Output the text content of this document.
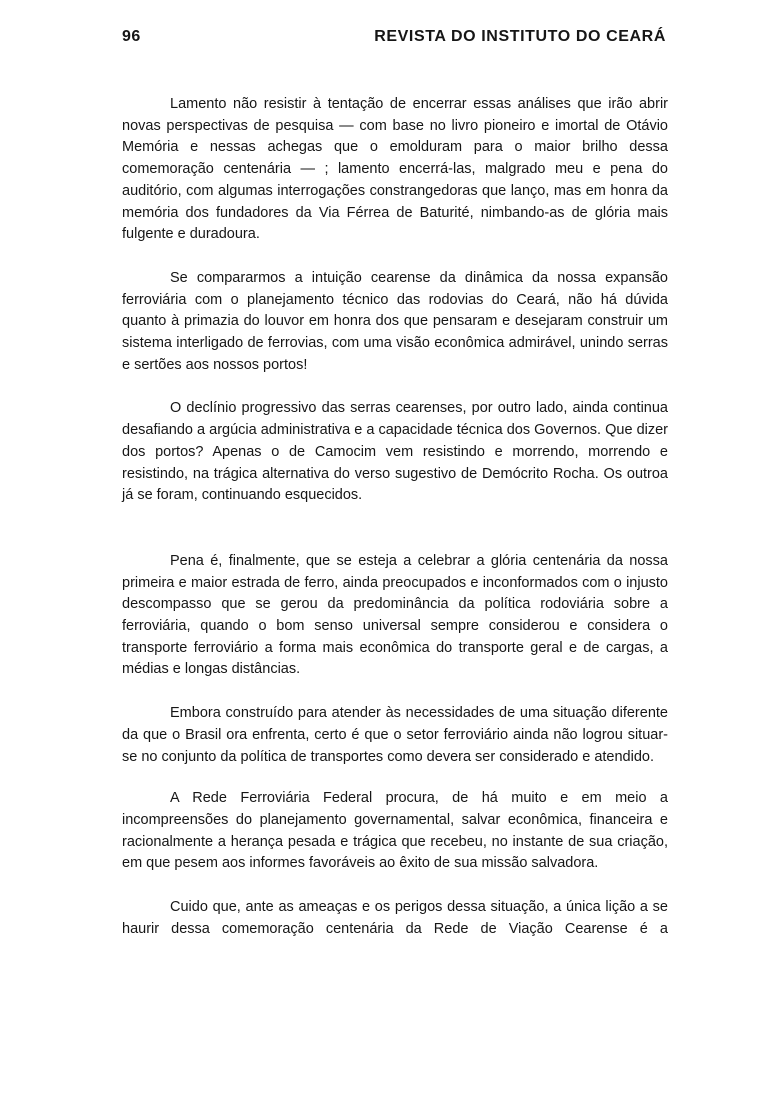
96	REVISTA DO INSTITUTO DO CEARÁ

Lamento não resistir à tentação de encerrar essas análises que irão abrir novas perspectivas de pesquisa — com base no livro pioneiro e imortal de Otávio Memória e nessas achegas que o emolduram para o maior brilho dessa comemoração centenária — ; lamento encerrá-las, malgrado meu e pena do auditório, com algumas interrogações constrangedoras que lanço, mas em honra da memória dos fundadores da Via Férrea de Baturité, nimbando-as de glória mais fulgente e duradoura.

Se compararmos a intuição cearense da dinâmica da nossa expansão ferroviária com o planejamento técnico das rodovias do Ceará, não há dúvida quanto à primazia do louvor em honra dos que pensaram e desejaram construir um sistema interligado de ferrovias, com uma visão econômica admirável, unindo serras e sertões aos nossos portos!

O declínio progressivo das serras cearenses, por outro lado, ainda continua desafiando a argúcia administrativa e a capacidade técnica dos Governos. Que dizer dos portos? Apenas o de Camocim vem resistindo e morrendo, morrendo e resistindo, na trágica alternativa do verso sugestivo de Demócrito Rocha. Os outroa já se foram, continuando esquecidos.

Pena é, finalmente, que se esteja a celebrar a glória centenária da nossa primeira e maior estrada de ferro, ainda preocupados e inconformados com o injusto descompasso que se gerou da predominância da política rodoviária sobre a ferroviária, quando o bom senso universal sempre considerou e considera o transporte ferroviário a forma mais econômica do transporte geral e de cargas, a médias e longas distâncias.

Embora construído para atender às necessidades de uma situação diferente da que o Brasil ora enfrenta, certo é que o setor ferroviário ainda não logrou situar-se no conjunto da política de transportes como devera ser considerado e atendido.

A Rede Ferroviária Federal procura, de há muito e em meio a incompreensões do planejamento governamental, salvar econômica, financeira e racionalmente a herança pesada e trágica que recebeu, no instante de sua criação, em que pesem aos informes favoráveis ao êxito de sua missão salvadora.

Cuido que, ante as ameaças e os perigos dessa situação, a única lição a se haurir dessa comemoração centenária da Rede de Viação Cearense é a
